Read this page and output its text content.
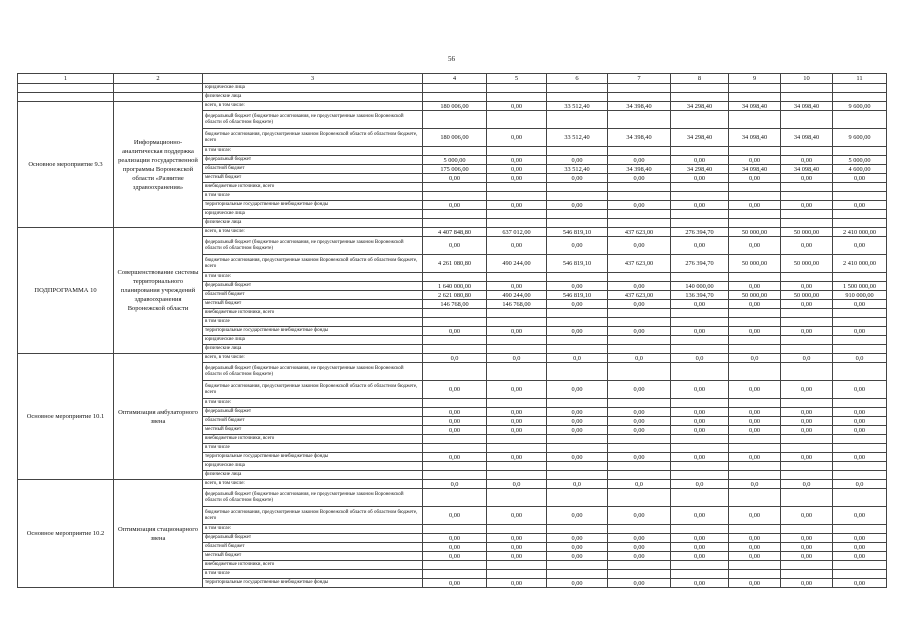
56
1	2	3	4	5	6	7	8	9	10	11
		юридические лица								
		физические лица								
Основное мероприятие 9.3	Информационно-аналитическая поддержка реализации государственной программы Воронежской области «Развитие здравоохранения»	всего, в том числе:	180 006,00	0,00	33 512,40	34 398,40	34 298,40	34 098,40	34 098,40	9 600,00
		федеральный бюджет (бюджетные ассигнования, не предусмотренные законом Воронежской области об областном бюджете)								
		бюджетные ассигнования, предусмотренные законом Воронежской области об областном бюджете, всего	180 006,00	0,00	33 512,40	34 398,40	34 298,40	34 098,40	34 098,40	9 600,00
		в том числе:								
		федеральный бюджет	5 000,00	0,00	0,00	0,00	0,00	0,00	0,00	5 000,00
		областной бюджет	175 006,00	0,00	33 512,40	34 398,40	34 298,40	34 098,40	34 098,40	4 600,00
		местный бюджет	0,00	0,00	0,00	0,00	0,00	0,00	0,00	0,00
		внебюджетные источники, всего								
		в том числе								
		территориальные государственные внебюджетные фонды	0,00	0,00	0,00	0,00	0,00	0,00	0,00	0,00
		юридические лица								
		физические лица								
ПОДПРОГРАММА 10	Совершенствование системы территориального планирования учреждений здравоохранения Воронежской области	всего, в том числе:	4 407 848,80	637 012,00	546 819,10	437 623,00	276 394,70	50 000,00	50 000,00	2 410 000,00
		федеральный бюджет (бюджетные ассигнования, не предусмотренные законом Воронежской области об областном бюджете)	0,00	0,00	0,00	0,00	0,00	0,00	0,00	0,00
		бюджетные ассигнования, предусмотренные законом Воронежской области об областном бюджете, всего	4 261 080,80	490 244,00	546 819,10	437 623,00	276 394,70	50 000,00	50 000,00	2 410 000,00
		в том числе:								
		федеральный бюджет	1 640 000,00	0,00	0,00	0,00	140 000,00	0,00	0,00	1 500 000,00
		областной бюджет	2 621 080,80	490 244,00	546 819,10	437 623,00	136 394,70	50 000,00	50 000,00	910 000,00
		местный бюджет	146 768,00	146 768,00	0,00	0,00	0,00	0,00	0,00	0,00
		внебюджетные источники, всего								
		в том числе								
		территориальные государственные внебюджетные фонды	0,00	0,00	0,00	0,00	0,00	0,00	0,00	0,00
		юридические лица								
		физические лица								
Основное мероприятие 10.1	Оптимизация амбулаторного звена	всего, в том числе:	0,0	0,0	0,0	0,0	0,0	0,0	0,0	0,0
		федеральный бюджет (бюджетные ассигнования, не предусмотренные законом Воронежской области об областном бюджете)								
		бюджетные ассигнования, предусмотренные законом Воронежской области об областном бюджете, всего	0,00	0,00	0,00	0,00	0,00	0,00	0,00	0,00
		в том числе:								
		федеральный бюджет	0,00	0,00	0,00	0,00	0,00	0,00	0,00	0,00
		областной бюджет	0,00	0,00	0,00	0,00	0,00	0,00	0,00	0,00
		местный бюджет	0,00	0,00	0,00	0,00	0,00	0,00	0,00	0,00
		внебюджетные источники, всего								
		в том числе								
		территориальные государственные внебюджетные фонды	0,00	0,00	0,00	0,00	0,00	0,00	0,00	0,00
		юридические лица								
		физические лица								
Основное мероприятие 10.2	Оптимизация стационарного звена	всего, в том числе:	0,0	0,0	0,0	0,0	0,0	0,0	0,0	0,0
		федеральный бюджет (бюджетные ассигнования, не предусмотренные законом Воронежской области об областном бюджете)								
		бюджетные ассигнования, предусмотренные законом Воронежской области об областном бюджете, всего	0,00	0,00	0,00	0,00	0,00	0,00	0,00	0,00
		в том числе:								
		федеральный бюджет	0,00	0,00	0,00	0,00	0,00	0,00	0,00	0,00
		областной бюджет	0,00	0,00	0,00	0,00	0,00	0,00	0,00	0,00
		местный бюджет	0,00	0,00	0,00	0,00	0,00	0,00	0,00	0,00
		внебюджетные источники, всего								
		в том числе								
		территориальные государственные внебюджетные фонды	0,00	0,00	0,00	0,00	0,00	0,00	0,00	0,00
